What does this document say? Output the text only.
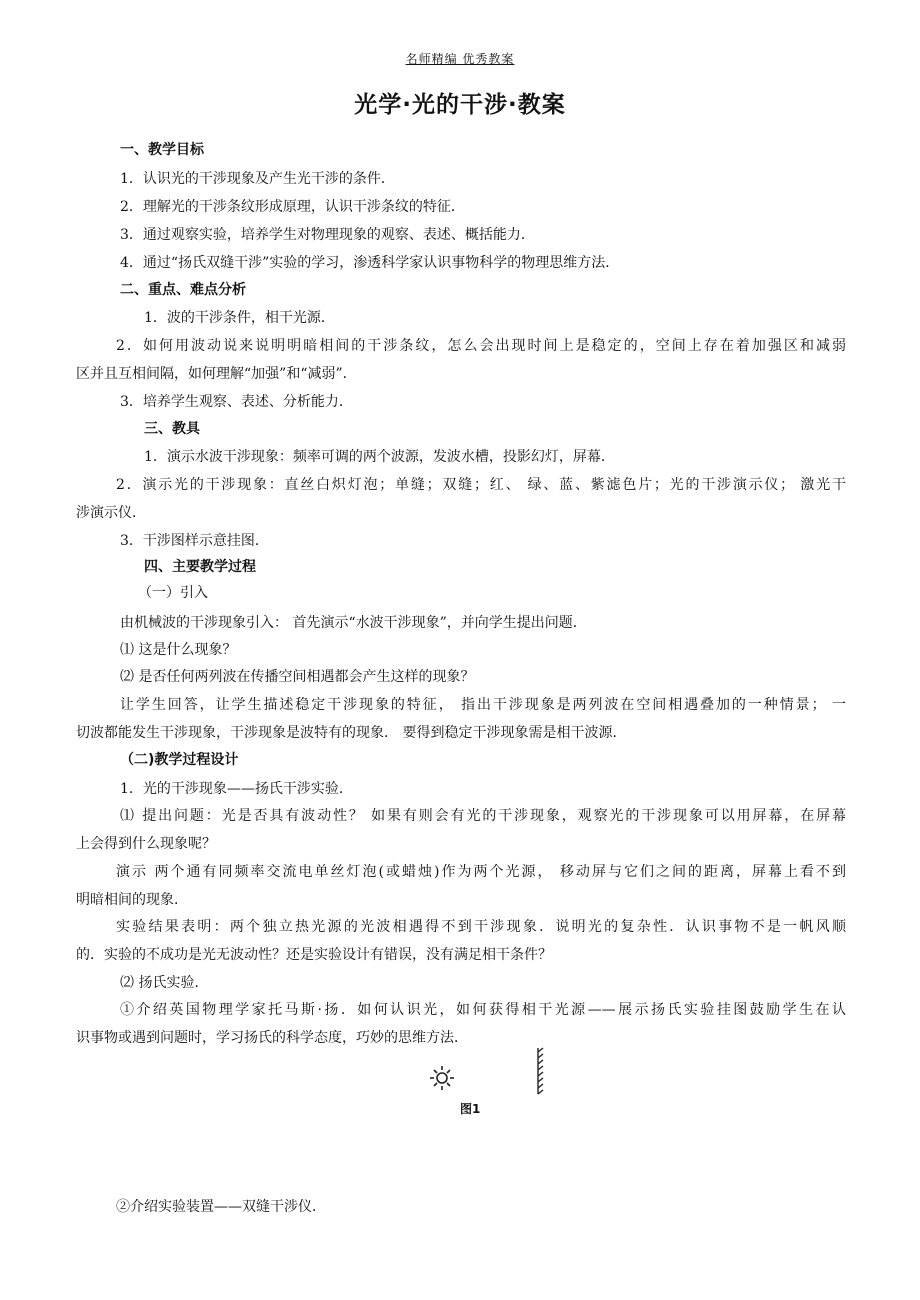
名师精编 优秀教案
光学·光的干涉·教案
一、教学目标
1．认识光的干涉现象及产生光干涉的条件．
2．理解光的干涉条纹形成原理，认识干涉条纹的特征．
3．通过观察实验，培养学生对物理现象的观察、表述、概括能力．
4．通过“扬氏双缝干涉”实验的学习，渗透科学家认识事物科学的物理思维方法．
二、重点、难点分析
1．波的干涉条件，相干光源．
2．如何用波动说来说明明暗相间的干涉条纹，怎么会出现时间上是稳定的，空间上存在着加强区和减弱
区并且互相间隔，如何理解“加强”和“减弱”．
3．培养学生观察、表述、分析能力．
三、教具
1．演示水波干涉现象：频率可调的两个波源，发波水槽，投影幻灯，屏幕．
2．演示光的干涉现象：直丝白炽灯泡；单缝；双缝；红、 绿、蓝、紫滤色片；光的干涉演示仪； 激光干
涉演示仪．
3．干涉图样示意挂图．
四、主要教学过程
（一）引入
由机械波的干涉现象引入： 首先演示“水波干涉现象”，并向学生提出问题．
⑴ 这是什么现象？
⑵ 是否任何两列波在传播空间相遇都会产生这样的现象？
让学生回答，让学生描述稳定干涉现象的特征， 指出干涉现象是两列波在空间相遇叠加的一种情景； 一
切波都能发生干涉现象，干涉现象是波特有的现象． 要得到稳定干涉现象需是相干波源．
（二)教学过程设计
1．光的干涉现象——扬氏干涉实验．
⑴ 提出问题：光是否具有波动性？ 如果有则会有光的干涉现象，观察光的干涉现象可以用屏幕，在屏幕
上会得到什么现象呢？
演示 两个通有同频率交流电单丝灯泡(或蜡烛)作为两个光源， 移动屏与它们之间的距离，屏幕上看不到
明暗相间的现象．
实验结果表明：两个独立热光源的光波相遇得不到干涉现象．说明光的复杂性．认识事物不是一帆风顺
的．实验的不成功是光无波动性？还是实验设计有错误，没有满足相干条件？
⑵ 扬氏实验．
①介绍英国物理学家托马斯·扬．如何认识光，如何获得相干光源——展示扬氏实验挂图鼓励学生在认
识事物或遇到问题时，学习扬氏的科学态度，巧妙的思维方法．
图1
②介绍实验装置——双缝干涉仪．
